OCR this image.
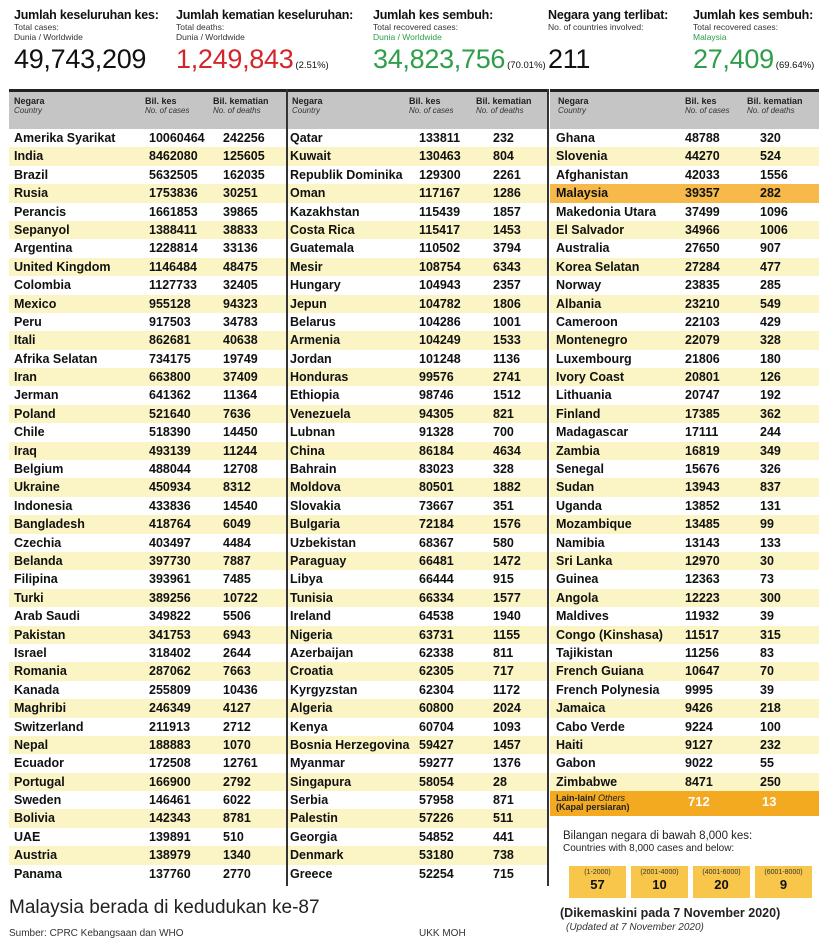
Jumlah keseluruhan kes:
Total cases:
Dunia / Worldwide
49,743,209
Jumlah kematian keseluruhan:
Total deaths:
Dunia / Worldwide
1,249,843 (2.51%)
Jumlah kes sembuh:
Total recovered cases:
Dunia / Worldwide
34,823,756 (70.01%)
Negara yang terlibat:
No. of countries involved:

211
Jumlah kes sembuh:
Total recovered cases:
Malaysia
27,409 (69.64%)
Negara
Country
Bil. kes
No. of cases
Bil. kematian
No. of deaths
Amerika Syarikat	10060464 242256
India	8462080 125605
Brazil	5632505 162035
Rusia	1753836 30251
Perancis	1661853 39865
Sepanyol	1388411 38833
Argentina	1228814 33136
United Kingdom	1146484 48475
Colombia	1127733 32405
Mexico	955128	94323
Peru	917503	34783
Itali	862681	40638
Afrika Selatan	734175	19749
Iran	663800	37409
Jerman	641362	11364
Poland	521640	7636
Chile	518390	14450
Iraq	493139	11244
Belgium	488044	12708
Ukraine	450934	8312
Indonesia	433836	14540
Bangladesh	418764	6049
Czechia	403497	4484
Belanda	397730	7887
Filipina	393961	7485
Turki	389256	10722
Arab Saudi	349822	5506
Pakistan	341753	6943
Israel	318402	2644
Romania	287062	7663
Kanada	255809	10436
Maghribi	246349	4127
Switzerland	211913	2712
Nepal	188883	1070
Ecuador	172508	12761
Portugal	166900	2792
Sweden	146461	6022
Bolivia	142343	8781
UAE	139891	510
Austria	138979	1340
Panama	137760	2770
Negara
Country
Bil. kes
No. of cases
Bil. kematian
No. of deaths
Qatar	133811	232
Kuwait	130463	804
Republik Dominika 129300	2261
Oman	117167	1286
Kazakhstan	115439	1857
Costa Rica	115417	1453
Guatemala	110502	3794
Mesir	108754	6343
Hungary	104943	2357
Jepun	104782	1806
Belarus	104286	1001
Armenia	104249	1533
Jordan	101248	1136
Honduras	99576	2741
Ethiopia	98746	1512
Venezuela	94305	821
Lubnan	91328	700
China	86184	4634
Bahrain	83023	328
Moldova	80501	1882
Slovakia	73667	351
Bulgaria	72184	1576
Uzbekistan	68367	580
Paraguay	66481	1472
Libya	66444	915
Tunisia	66334	1577
Ireland	64538	1940
Nigeria	63731	1155
Azerbaijan	62338	811
Croatia	62305	717
Kyrgyzstan	62304	1172
Algeria	60800	2024
Kenya	60704	1093
Bosnia Herzegovina 59427	1457
Myanmar	59277	1376
Singapura	58054	28
Serbia	57958	871
Palestin	57226	511
Georgia	54852	441
Denmark	53180	738
Greece	52254	715
Negara
Country
Bil. kes
No. of cases
Bil. kematian
No. of deaths
Ghana	48788	320
Slovenia	44270	524
Afghanistan	42033	1556
Malaysia	39357	282
Makedonia Utara 37499	1096
El Salvador	34966	1006
Australia	27650	907
Korea Selatan	27284	477
Norway	23835	285
Albania	23210	549
Cameroon	22103	429
Montenegro	22079	328
Luxembourg	21806	180
Ivory Coast	20801	126
Lithuania	20747	192
Finland	17385	362
Madagascar	17111	244
Zambia	16819	349
Senegal	15676	326
Sudan	13943	837
Uganda	13852	131
Mozambique	13485	99
Namibia	13143	133
Sri Lanka	12970	30
Guinea	12363	73
Angola	12223	300
Maldives	11932	39
Congo (Kinshasa) 11517	315
Tajikistan	11256	83
French Guiana	10647	70
French Polynesia 9995	39
Jamaica	9426	218
Cabo Verde	9224	100
Haiti	9127	232
Gabon	9022	55
Zimbabwe	8471	250
Lain-lain/ Others
(Kapal persiaran)	712	13
Bilangan negara di bawah 8,000 kes:
Countries with 8,000 cases and below:
(1-2000)
57
(2001-4000)
10
(4001-6000)
20
(6001-8000)
9
Malaysia berada di kedudukan ke-87
Sumber: CPRC Kebangsaan dan WHO	UKK MOH
(Dikemaskini pada 7 November 2020)
(Updated at 7 November 2020)
